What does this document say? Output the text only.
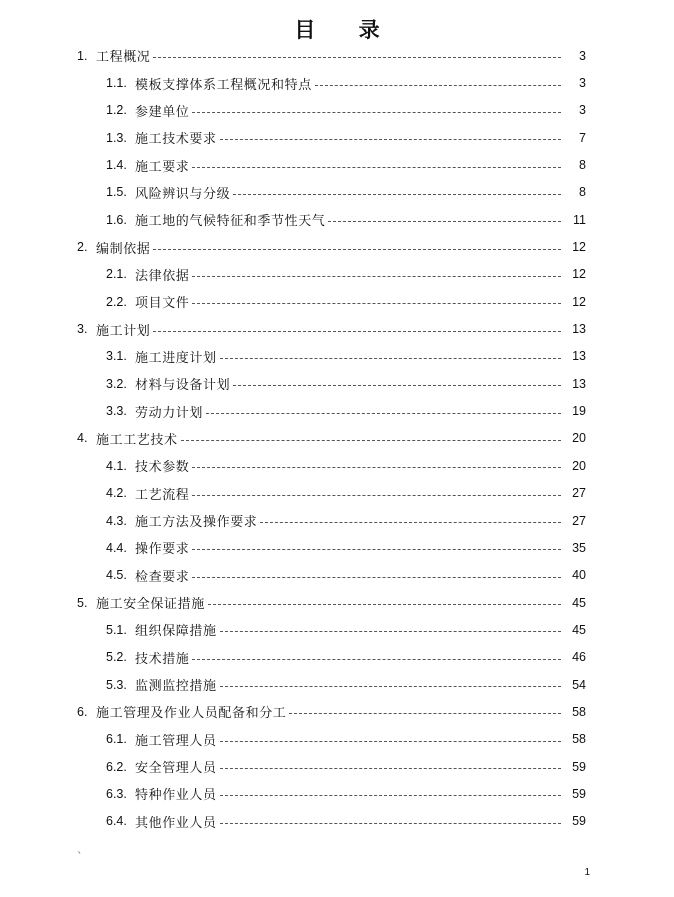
目 录
1. 工程概况	3
1.1. 模板支撑体系工程概况和特点	3
1.2. 参建单位	3
1.3. 施工技术要求	7
1.4. 施工要求	8
1.5. 风险辨识与分级	8
1.6. 施工地的气候特征和季节性天气	11
2. 编制依据	12
2.1. 法律依据	12
2.2. 项目文件	12
3. 施工计划	13
3.1. 施工进度计划	13
3.2. 材料与设备计划	13
3.3. 劳动力计划	19
4. 施工工艺技术	20
4.1. 技术参数	20
4.2. 工艺流程	27
4.3. 施工方法及操作要求	27
4.4. 操作要求	35
4.5. 检查要求	40
5. 施工安全保证措施	45
5.1. 组织保障措施	45
5.2. 技术措施	46
5.3. 监测监控措施	54
6. 施工管理及作业人员配备和分工	58
6.1. 施工管理人员	58
6.2. 安全管理人员	59
6.3. 特种作业人员	59
6.4. 其他作业人员	59
`
1
